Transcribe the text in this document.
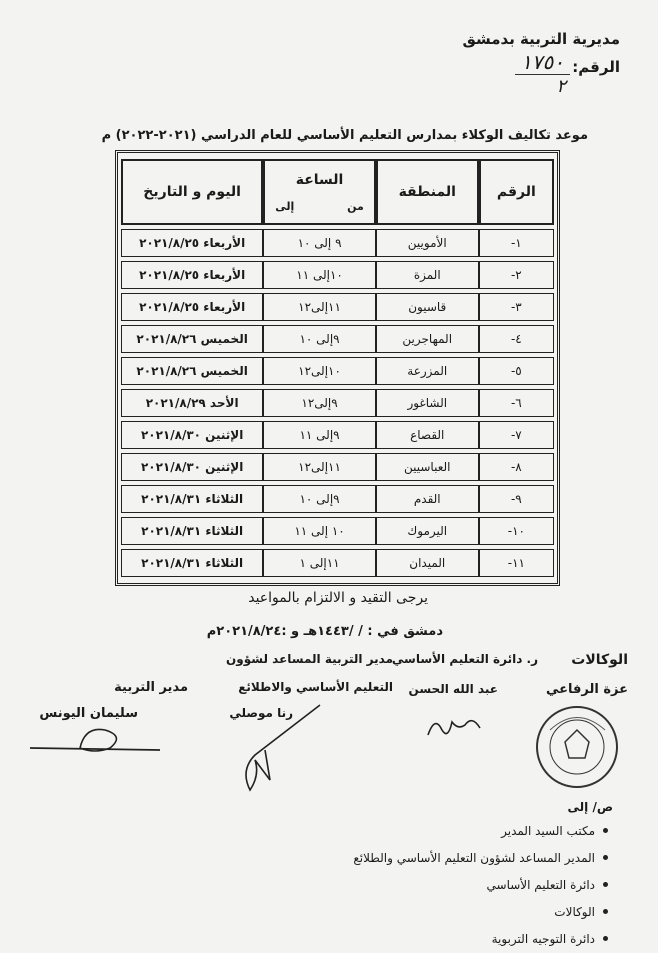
مديرية التربية بدمشق
الرقم:
١٧٥٠
٢
موعد تكاليف الوكلاء بمدارس التعليم الأساسي للعام الدراسي (٢٠٢١-٢٠٢٢) م
الرقم	المنطقة	الساعة
من
إلى	اليوم و التاريخ
١-	الأمويين	٩ إلى ١٠	الأربعاء ٢٠٢١/٨/٢٥
٢-	المزة	١٠إلى ١١	الأربعاء ٢٠٢١/٨/٢٥
٣-	قاسيون	١١إلى١٢	الأربعاء ٢٠٢١/٨/٢٥
٤-	المهاجرين	٩إلى ١٠	الخميس ٢٠٢١/٨/٢٦
٥-	المزرعة	١٠إلى١٢	الخميس ٢٠٢١/٨/٢٦
٦-	الشاغور	٩إلى١٢	الأحد ٢٠٢١/٨/٢٩
٧-	القصاع	٩إلى ١١	الإثنين ٢٠٢١/٨/٣٠
٨-	العباسيين	١١إلى١٢	الإثنين ٢٠٢١/٨/٣٠
٩-	القدم	٩إلى ١٠	الثلاثاء ٢٠٢١/٨/٣١
١٠-	اليرموك	١٠ إلى ١١	الثلاثاء ٢٠٢١/٨/٣١
١١-	الميدان	١١إلى ١	الثلاثاء ٢٠٢١/٨/٣١
يرجى التقيد و الالتزام بالمواعيد
دمشق في : / /١٤٤٣هـ و :٢٠٢١/٨/٢٤م
الوكالات
ر. دائرة التعليم الأساسي
مدير التربية المساعد لشؤون
التعليم الأساسي والاطلائع
مدير التربية	عزة الرفاعي
عبد الله الحسن
رنا موصلي
سليمان اليونس
ص/ إلى
مكتب السيد المدير
المدير المساعد لشؤون التعليم الأساسي والطلائع
دائرة التعليم الأساسي
الوكالات
دائرة التوجيه التربوية
